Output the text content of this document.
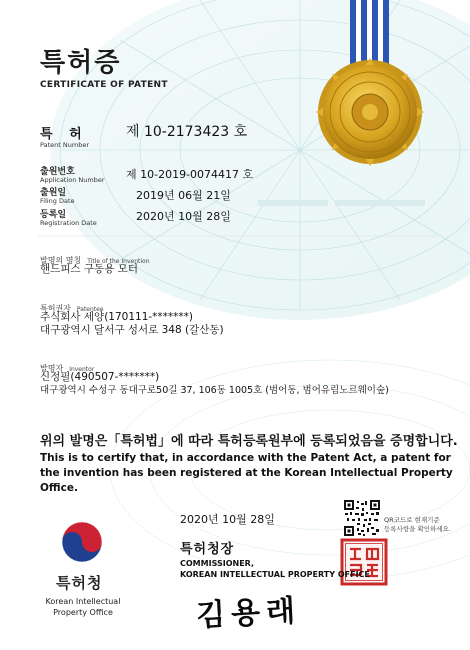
특허증
CERTIFICATE OF PATENT
특 허
Patent Number
제 10-2173423 호
출원번호
Application Number 제 10-2019-0074417 호
출원일
Filing Date	2019년 06월 21일
등록일
Registration Date	2020년 10월 28일
발명의 명칭 Title of the Invention
핸드피스 구동용 모터
특허권자 Patentee
주식회사 세양(170111-*******)
대구광역시 달서구 성서로 348 (갈산동)
발명자 Inventor
신정필(490507-*******)
대구광역시 수성구 동대구로50길 37, 106동 1005호 (범어동, 범어유림노르웨이숲)
위의 발명은「특허법」에 따라 특허등록원부에 등록되었음을 증명합니다.
This is to certify that, in accordance with the Patent Act, a patent for the invention has been registered at the Korean Intellectual Property Office.
2020년 10월 28일
특허청장
COMMISSIONER,
KOREAN INTELLECTUAL PROPERTY OFFICE
김용래
QR코드로 현재기준
등록사항을 확인하세요.
특허청
Korean Intellectual Property Office
